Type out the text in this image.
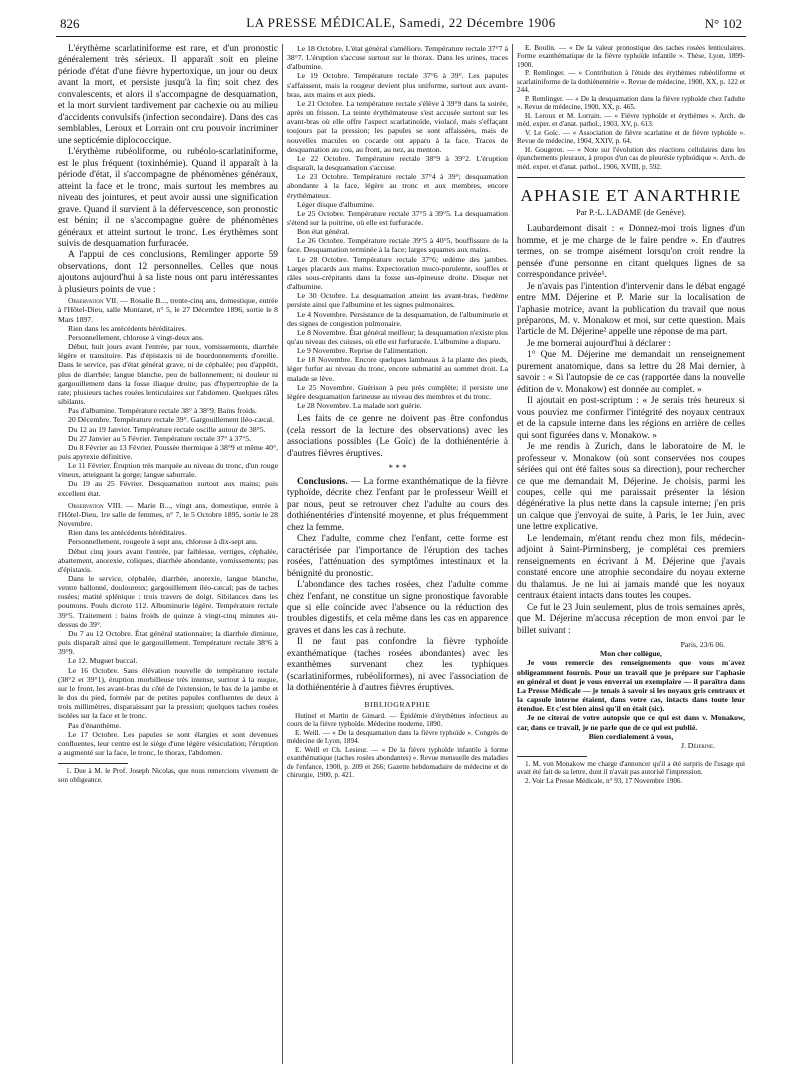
826	LA PRESSE MÉDICALE, Samedi, 22 Décembre 1906	N° 102

L'érythème scarlatiniforme est rare, et d'un pronostic généralement très sérieux. Il apparaît soit en pleine période d'état d'une fièvre hypertoxique, un jour ou deux avant la mort, et persiste jusqu'à la fin; soit chez des convalescents, et alors il s'accompagne de desquamation, et la mort survient tardivement par cachexie ou au milieu d'accidents convulsifs (infection secondaire). Dans des cas semblables, Leroux et Lorrain ont cru pouvoir incriminer une septicémie diplococcique.

L'érythème rubéoliforme, ou rubéolo-scarlatiniforme, est le plus fréquent (toxinhémie). Quand il apparaît à la période d'état, il s'accompagne de phénomènes généraux, atteint la face et le tronc, mais surtout les membres au niveau des jointures, et peut avoir aussi une signification grave. Quand il survient à la défervescence, son pronostic est bénin; il ne s'accompagne guère de phénomènes généraux et atteint surtout le tronc. Les érythèmes sont suivis de desquamation furfuracée.

A l'appui de ces conclusions, Remlinger apporte 59 observations, dont 12 personnelles. Celles que nous ajoutons aujourd'hui à sa liste nous ont paru intéressantes à plusieurs points de vue :

Observation VII. — Rosalie B..., trente-cinq ans, domestique, entrée à l'Hôtel-Dieu, salle Montazet, n° 5, le 27 Décembre 1896, sortie le 8 Mars 1897.

Rien dans les antécédents héréditaires.

Personnellement, chlorose à vingt-deux ans.

Début, huit jours avant l'entrée, par toux, vomissements, diarrhée légère et transitoire. Pas d'épistaxis ni de bourdonnements d'oreille. Dans le service, pas d'état général grave, ni de céphalée; peu d'appétit, plus de diarrhée; langue blanche, peu de ballonnement; ni douleur ni gargouillement dans la fosse iliaque droite; pas d'hypertrophie de la rate; plusieurs taches rosées lenticulaires sur l'abdomen. Quelques râles sibilants.

Pas d'albumine. Température rectale 38° à 38°9. Bains froids.

20 Décembre. Température rectale 39°. Gargouillement iléo-cæcal.

Du 12 au 19 Janvier. Température rectale oscille autour de 38°5.

Du 27 Janvier au 5 Février. Température rectale 37° à 37°5.

Du 8 Février au 13 Février. Poussée thermique à 38°9 et même 40°, puis apyrexie définitive.

Le 11 Février. Éruption très marquée au niveau du tronc, d'un rouge vineux, atteignant la gorge; langue saburrale.

Du 19 au 25 Février. Desquamation surtout aux mains; puis excellent état.

Observation VIII. — Marie B..., vingt ans, domestique, entrée à l'Hôtel-Dieu, 1re salle de femmes, n° 7, le 5 Octobre 1895, sortie le 28 Novembre.

Rien dans les antécédents héréditaires.

Personnellement, rougeole à sept ans, chlorose à dix-sept ans.

Début cinq jours avant l'entrée, par faiblesse, vertiges, céphalée, abattement, anorexie, coliques, diarrhée abondante, vomissements; pas d'épistaxis.

Dans le service, céphalée, diarrhée, anorexie, langue blanche, ventre ballonné, douloureux; gargouillement iléo-cæcal; pas de taches rosées; matité splénique : trois travers de doigt. Sibilances dans les poumons. Pouls dicrote 112. Albuminurie légère. Température rectale 39°5. Traitement : bains froids de quinze à vingt-cinq minutes au-dessus de 39°.

Du 7 au 12 Octobre. État général stationnaire; la diarrhée diminue, puis disparaît ainsi que le gargouillement. Température rectale 38°6 à 39°9.

Le 12. Muguet buccal.

Le 16 Octobre. Sans élévation nouvelle de température rectale (38°2 et 39°1), éruption morbilleuse très intense, surtout à la nuque, sur le front, les avant-bras du côté de l'extension, le bas de la jambe et le dos du pied, formée par de petites papules confluentes de deux à trois millimètres, disparaissant par la pression; quelques taches rosées isolées sur la face et le tronc.

Pas d'énanthème.

Le 17 Octobre. Les papules se sont élargies et sont devenues confluentes, leur centre est le siège d'une légère vésiculation; l'éruption a augmenté sur la face, le tronc, le thorax, l'abdomen.

1. Due à M. le Prof. Joseph Nicolas, que nous remercions vivement de son obligeance.

Le 18 Octobre. L'état général s'améliore. Température rectale 37°7 à 38°7. L'éruption s'accuse surtout sur le thorax. Dans les urines, traces d'albumine.

Le 19 Octobre. Température rectale 37°6 à 39°. Les papules s'affaissent, mais la rougeur devient plus uniforme, surtout aux avant-bras, aux mains et aux pieds.

Le 21 Octobre. La température rectale s'élève à 39°9 dans la soirée, après un frisson. La teinte érythémateuse s'est accusée surtout sur les avant-bras où elle offre l'aspect scarlatinoïde, violacé, mais s'effaçant toujours par la pression; les papules se sont affaissées, mais de nouvelles macules en cocarde ont apparu à la face. Traces de desquamation au cou, au front, au nez, au menton.

Le 22 Octobre. Température rectale 38°9 à 39°2. L'éruption disparaît, la desquamation s'accuse.

Le 23 Octobre. Température rectale 37°4 à 39°; desquamation abondante à la face, légère au tronc et aux membres, encore érythémateux.

Léger disque d'albumine.

Le 25 Octobre. Température rectale 37°5 à 39°5. La desquamation s'étend sur la poitrine, où elle est furfuracée.

Bon état général.

Le 26 Octobre. Température rectale 39°5 à 40°5, bouffissure de la face. Desquamation terminée à la face; larges squames aux mains.

Le 28 Octobre. Température rectale 37°6; œdème des jambes. Larges placards aux mains. Expectoration muco-purulente, souffles et râles sous-crépitants dans la fosse sus-épineuse droite. Disque net d'albumine.

Le 30 Octobre. La desquamation atteint les avant-bras, l'œdème persiste ainsi que l'albumine et les signes pulmonaires.

Le 4 Novembre. Persistance de la desquamation, de l'albuminurie et des signes de congestion pulmonaire.

Le 8 Novembre. État général meilleur; la desquamation n'existe plus qu'au niveau des cuisses, où elle est furfuracée. L'albumine a disparu.

Le 9 Novembre. Reprise de l'alimentation.

Le 18 Novembre. Encore quelques lambeaux à la plante des pieds, léger furfur au niveau du tronc, encore submatité au sommet droit. La malade se lève.

Le 25 Novembre. Guérison à peu près complète; il persiste une légère desquamation farineuse au niveau des membres et du tronc.

Le 28 Novembre. La malade sort guérie.

Les faits de ce genre ne doivent pas être confondus (cela ressort de la lecture des observations) avec les associations possibles (Le Goïc) de la dothiénentérie à d'autres fièvres éruptives.

* * *

Conclusions. — La forme exanthématique de la fièvre typhoïde, décrite chez l'enfant par le professeur Weill et par nous, peut se retrouver chez l'adulte au cours des dothiénentéries d'intensité moyenne, et plus fréquemment chez la femme.

Chez l'adulte, comme chez l'enfant, cette forme est caractérisée par l'importance de l'éruption des taches rosées, l'atténuation des symptômes intestinaux et la bénignité du pronostic.

L'abondance des taches rosées, chez l'adulte comme chez l'enfant, ne constitue un signe pronostique favorable que si elle coïncide avec l'absence ou la réduction des troubles digestifs, et cela même dans les cas en apparence graves et dans les cas à rechute.

Il ne faut pas confondre la fièvre typhoïde exanthématique (taches rosées abondantes) avec les exanthèmes survenant chez les typhiques (scarlatiniformes, rubéoliformes), ni avec l'association de la dothiénentérie à d'autres fièvres éruptives.

BIBLIOGRAPHIE

Hutinel et Martin de Gimard. — Épidémie d'érythèmes infectieux au cours de la fièvre typhoïde. Médecine moderne, 1890.

E. Weill. — « De la desquamation dans la fièvre typhoïde ». Congrès de médecine de Lyon, 1894.

E. Weill et Ch. Lesieur. — « De la fièvre typhoïde infantile à forme exanthématique (taches rosées abondantes) ». Revue mensuelle des maladies de l'enfance, 1900, p. 209 et 266; Gazette hebdomadaire de médecine et de chirurgie, 1900, p. 421.

E. Boulin. — « De la valeur pronostique des taches rosées lenticulaires. Forme exanthématique de la fièvre typhoïde infantile ». Thèse, Lyon, 1899-1900.

P. Remlinger. — « Contribution à l'étude des érythèmes rubéoliforme et scarlatiniforme de la dothiénentérie ». Revue de médecine, 1900, XX, p. 122 et 244.

P. Remlinger. — « De la desquamation dans la fièvre typhoïde chez l'adulte ». Revue de médecine, 1900, XX, p. 465.

H. Leroux et M. Lorrain. — « Fièvre typhoïde et érythèmes ». Arch. de méd. exper. et d'anat. pathol., 1903, XV, p. 613.

V. Le Goïc. — « Association de fièvre scarlatine et de fièvre typhoïde ». Revue de médecine, 1904, XXIV, p. 64.

H. Gougerot. — « Note sur l'évolution des réactions cellulaires dans les épanchements pleuraux, à propos d'un cas de pleurésie typhoïdique ». Arch. de méd. exper. et d'anat. pathol., 1906, XVIII, p. 592.

APHASIE ET ANARTHRIE

Par P.-L. LADAME (de Genève).

Laubardemont disait : « Donnez-moi trois lignes d'un homme, et je me charge de le faire pendre ». En d'autres termes, on se trompe aisément lorsqu'on croit rendre la pensée d'une personne en citant quelques lignes de sa correspondance privée¹.

Je n'avais pas l'intention d'intervenir dans le débat engagé entre MM. Déjerine et P. Marie sur la localisation de l'aphasie motrice, avant la publication du travail que nous préparons, M. v. Monakow et moi, sur cette question. Mais l'article de M. Déjerine² appelle une réponse de ma part.

Je me bornerai aujourd'hui à déclarer :

1° Que M. Déjerine me demandait un renseignement purement anatomique, dans sa lettre du 28 Mai dernier, à savoir : « Si l'autopsie de ce cas (rapportée dans la nouvelle édition de v. Monakow) est donnée au complet. »

Il ajoutait en post-scriptum : « Je serais très heureux si vous pouviez me confirmer l'intégrité des noyaux centraux et de la capsule interne dans les régions en arrière de celles qui sont figurées dans v. Monakow. »

Je me rendis à Zurich, dans le laboratoire de M. le professeur v. Monakow (où sont conservées nos coupes sériées qui ont été faites sous sa direction), pour rechercher ce que me demandait M. Déjerine. Je choisis, parmi les coupes, celle qui me paraissait présenter la lésion dégénérative la plus nette dans la capsule interne; j'en pris un calque que j'envoyai de suite, à Paris, le 1er Juin, avec une lettre explicative.

Le lendemain, m'étant rendu chez mon fils, médecin-adjoint à Saint-Pirminsberg, je complétai ces premiers renseignements en écrivant à M. Déjerine que j'avais constaté encore une atrophie secondaire du noyau externe du thalamus. Je ne lui ai jamais mandé que les noyaux centraux étaient intacts dans toutes les coupes.

Ce fut le 23 Juin seulement, plus de trois semaines après, que M. Déjerine m'accusa réception de mon envoi par le billet suivant :

Paris, 23/6 06.

Mon cher collègue,

Je vous remercie des renseignements que vous m'avez obligeamment fournis. Pour un travail que je prépare sur l'aphasie en général et dont je vous enverrai un exemplaire — il paraîtra dans La Presse Médicale — je tenais à savoir si les noyaux gris centraux et la capsule interne étaient, dans votre cas, intacts dans toute leur étendue. Et c'est bien ainsi qu'il en était (sic).

Je ne citerai de votre autopsie que ce qui est dans v. Monakow, car, dans ce travail, je ne parle que de ce qui est publié.

Bien cordialement à vous,

J. Déjerine.

1. M. von Monakow me charge d'annoncer qu'il a été surpris de l'usage qui avait été fait de sa lettre, dont il n'avait pas autorisé l'impression.

2. Voir La Presse Médicale, n° 93, 17 Novembre 1906.
